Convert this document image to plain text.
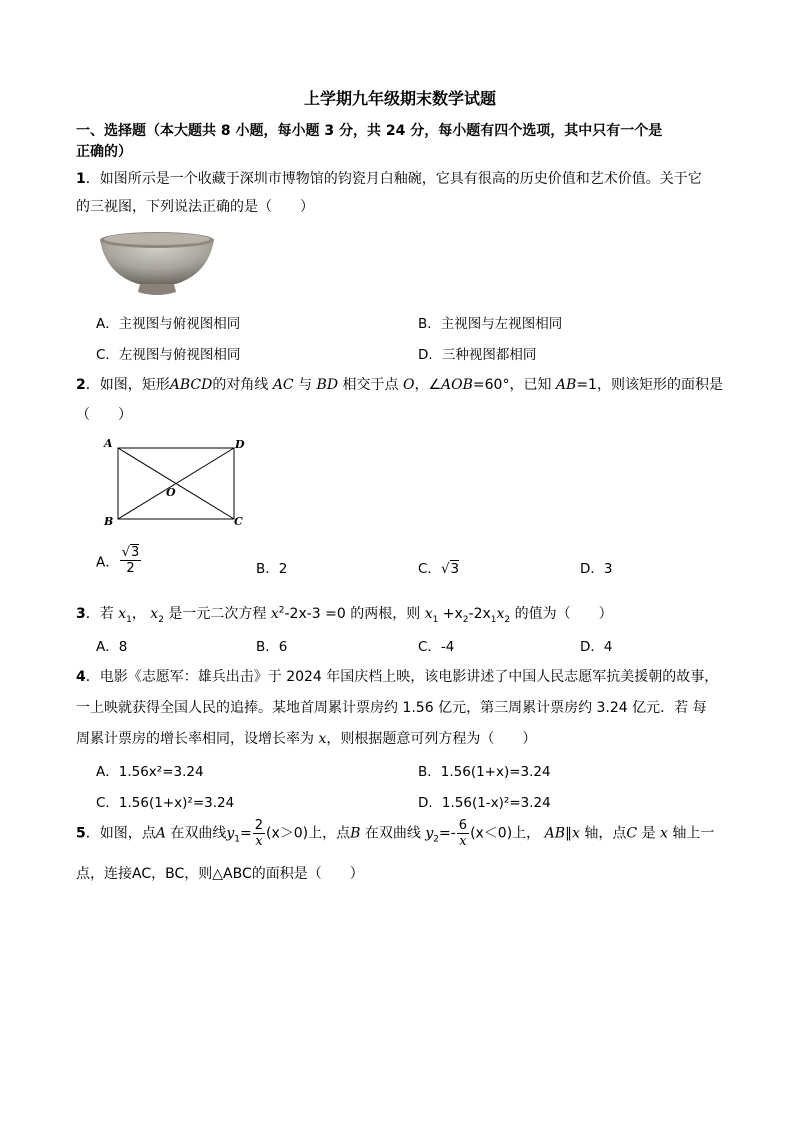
上学期九年级期末数学试题
一、选择题（本大题共 8 小题，每小题 3 分，共 24 分，每小题有四个选项，其中只有一个是
正确的）
1．如图所示是一个收藏于深圳市博物馆的钧瓷月白釉碗，它具有很高的历史价值和艺术价值。关于它
的三视图，下列说法正确的是（　　）
A．主视图与俯视图相同	B．主视图与左视图相同
C．左视图与俯视图相同	D．三种视图都相同
2．如图，矩形ABCD的对角线 AC 与 BD 相交于点 O，∠AOB=60°，已知 AB=1，则该矩形的面积是
（　　）
A	D
B	C
O
A． $\frac{√3}{2}$	B．2	C．√3	D．3
3．若 $x_1$， $x_2$ 是一元二次方程 $x^2-2x-3 =0$ 的两根，则 $x_1 +x_2-2x_1x_2$ 的值为（　　）
A．8	B．6	C．-4	D．4
4．电影《志愿军：雄兵出击》于 2024 年国庆档上映，该电影讲述了中国人民志愿军抗美援朝的故事，
一上映就获得全国人民的追捧。某地首周累计票房约 1.56 亿元，第三周累计票房约 3.24 亿元．若 每
周累计票房的增长率相同，设增长率为 x，则根据题意可列方程为（　　）
A．1.56x²=3.24	B．1.56(1+x)=3.24
C．1.56(1+x)²=3.24	D．1.56(1-x)²=3.24
5．如图，点A 在双曲线$y_1= \frac{2}{x} (x>0)$上，点B 在双曲线 $y_2=- \frac{6}{x} (x<0)$上， AB∥x 轴，点C 是 x 轴上一
点，连接AC，BC，则△ABC的面积是（　　）
